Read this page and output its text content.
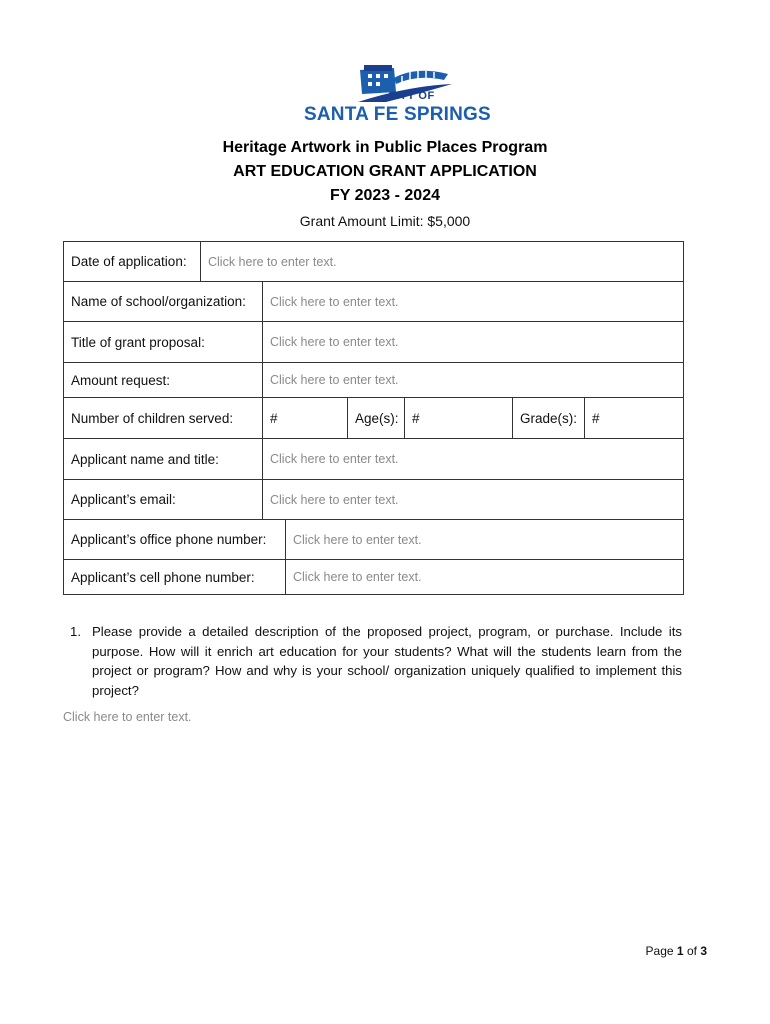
CITY OF
SANTA FE SPRINGS
Heritage Artwork in Public Places Program
ART EDUCATION GRANT APPLICATION
FY 2023 - 2024
Grant Amount Limit: $5,000
Date of application: Click here to enter text.
Name of school/organization: Click here to enter text.
Title of grant proposal:	Click here to enter text.
Amount request:	Click here to enter text.
Number of children served:	#	Age(s): #	Grade(s):	#
Applicant name and title:	Click here to enter text.
Applicant’s email:	Click here to enter text.
Applicant’s office phone number: Click here to enter text.
Applicant’s cell phone number:	Click here to enter text.
1. Please provide a detailed description of the proposed project, program, or purchase. Include its purpose. How will it enrich art education for your students? What will the students learn from the project or program? How and why is your school/ organization uniquely qualified to implement this project?
Click here to enter text.
Page 1 of 3
